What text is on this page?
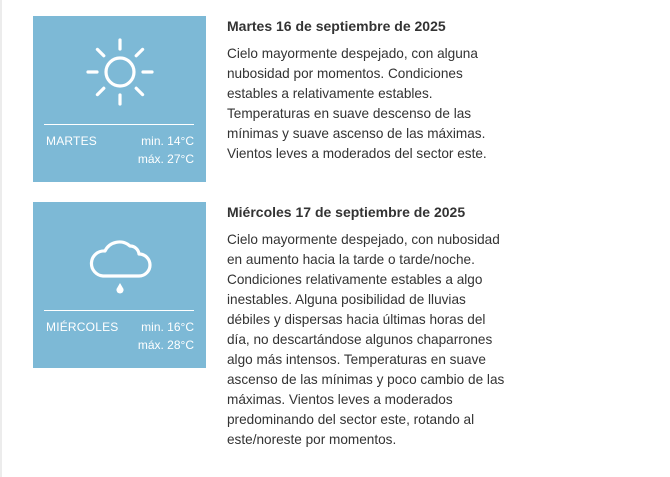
MARTES	min. 14°C
máx. 27°C
Martes 16 de septiembre de 2025

Cielo mayormente despejado, con alguna nubosidad por momentos. Condiciones estables a relativamente estables. Temperaturas en suave descenso de las mínimas y suave ascenso de las máximas. Vientos leves a moderados del sector este.

MIÉRCOLES min. 16°C
máx. 28°C
Miércoles 17 de septiembre de 2025

Cielo mayormente despejado, con nubosidad en aumento hacia la tarde o tarde/noche. Condiciones relativamente estables a algo inestables. Alguna posibilidad de lluvias débiles y dispersas hacia últimas horas del día, no descartándose algunos chaparrones algo más intensos. Temperaturas en suave ascenso de las mínimas y poco cambio de las máximas. Vientos leves a moderados predominando del sector este, rotando al este/noreste por momentos.
